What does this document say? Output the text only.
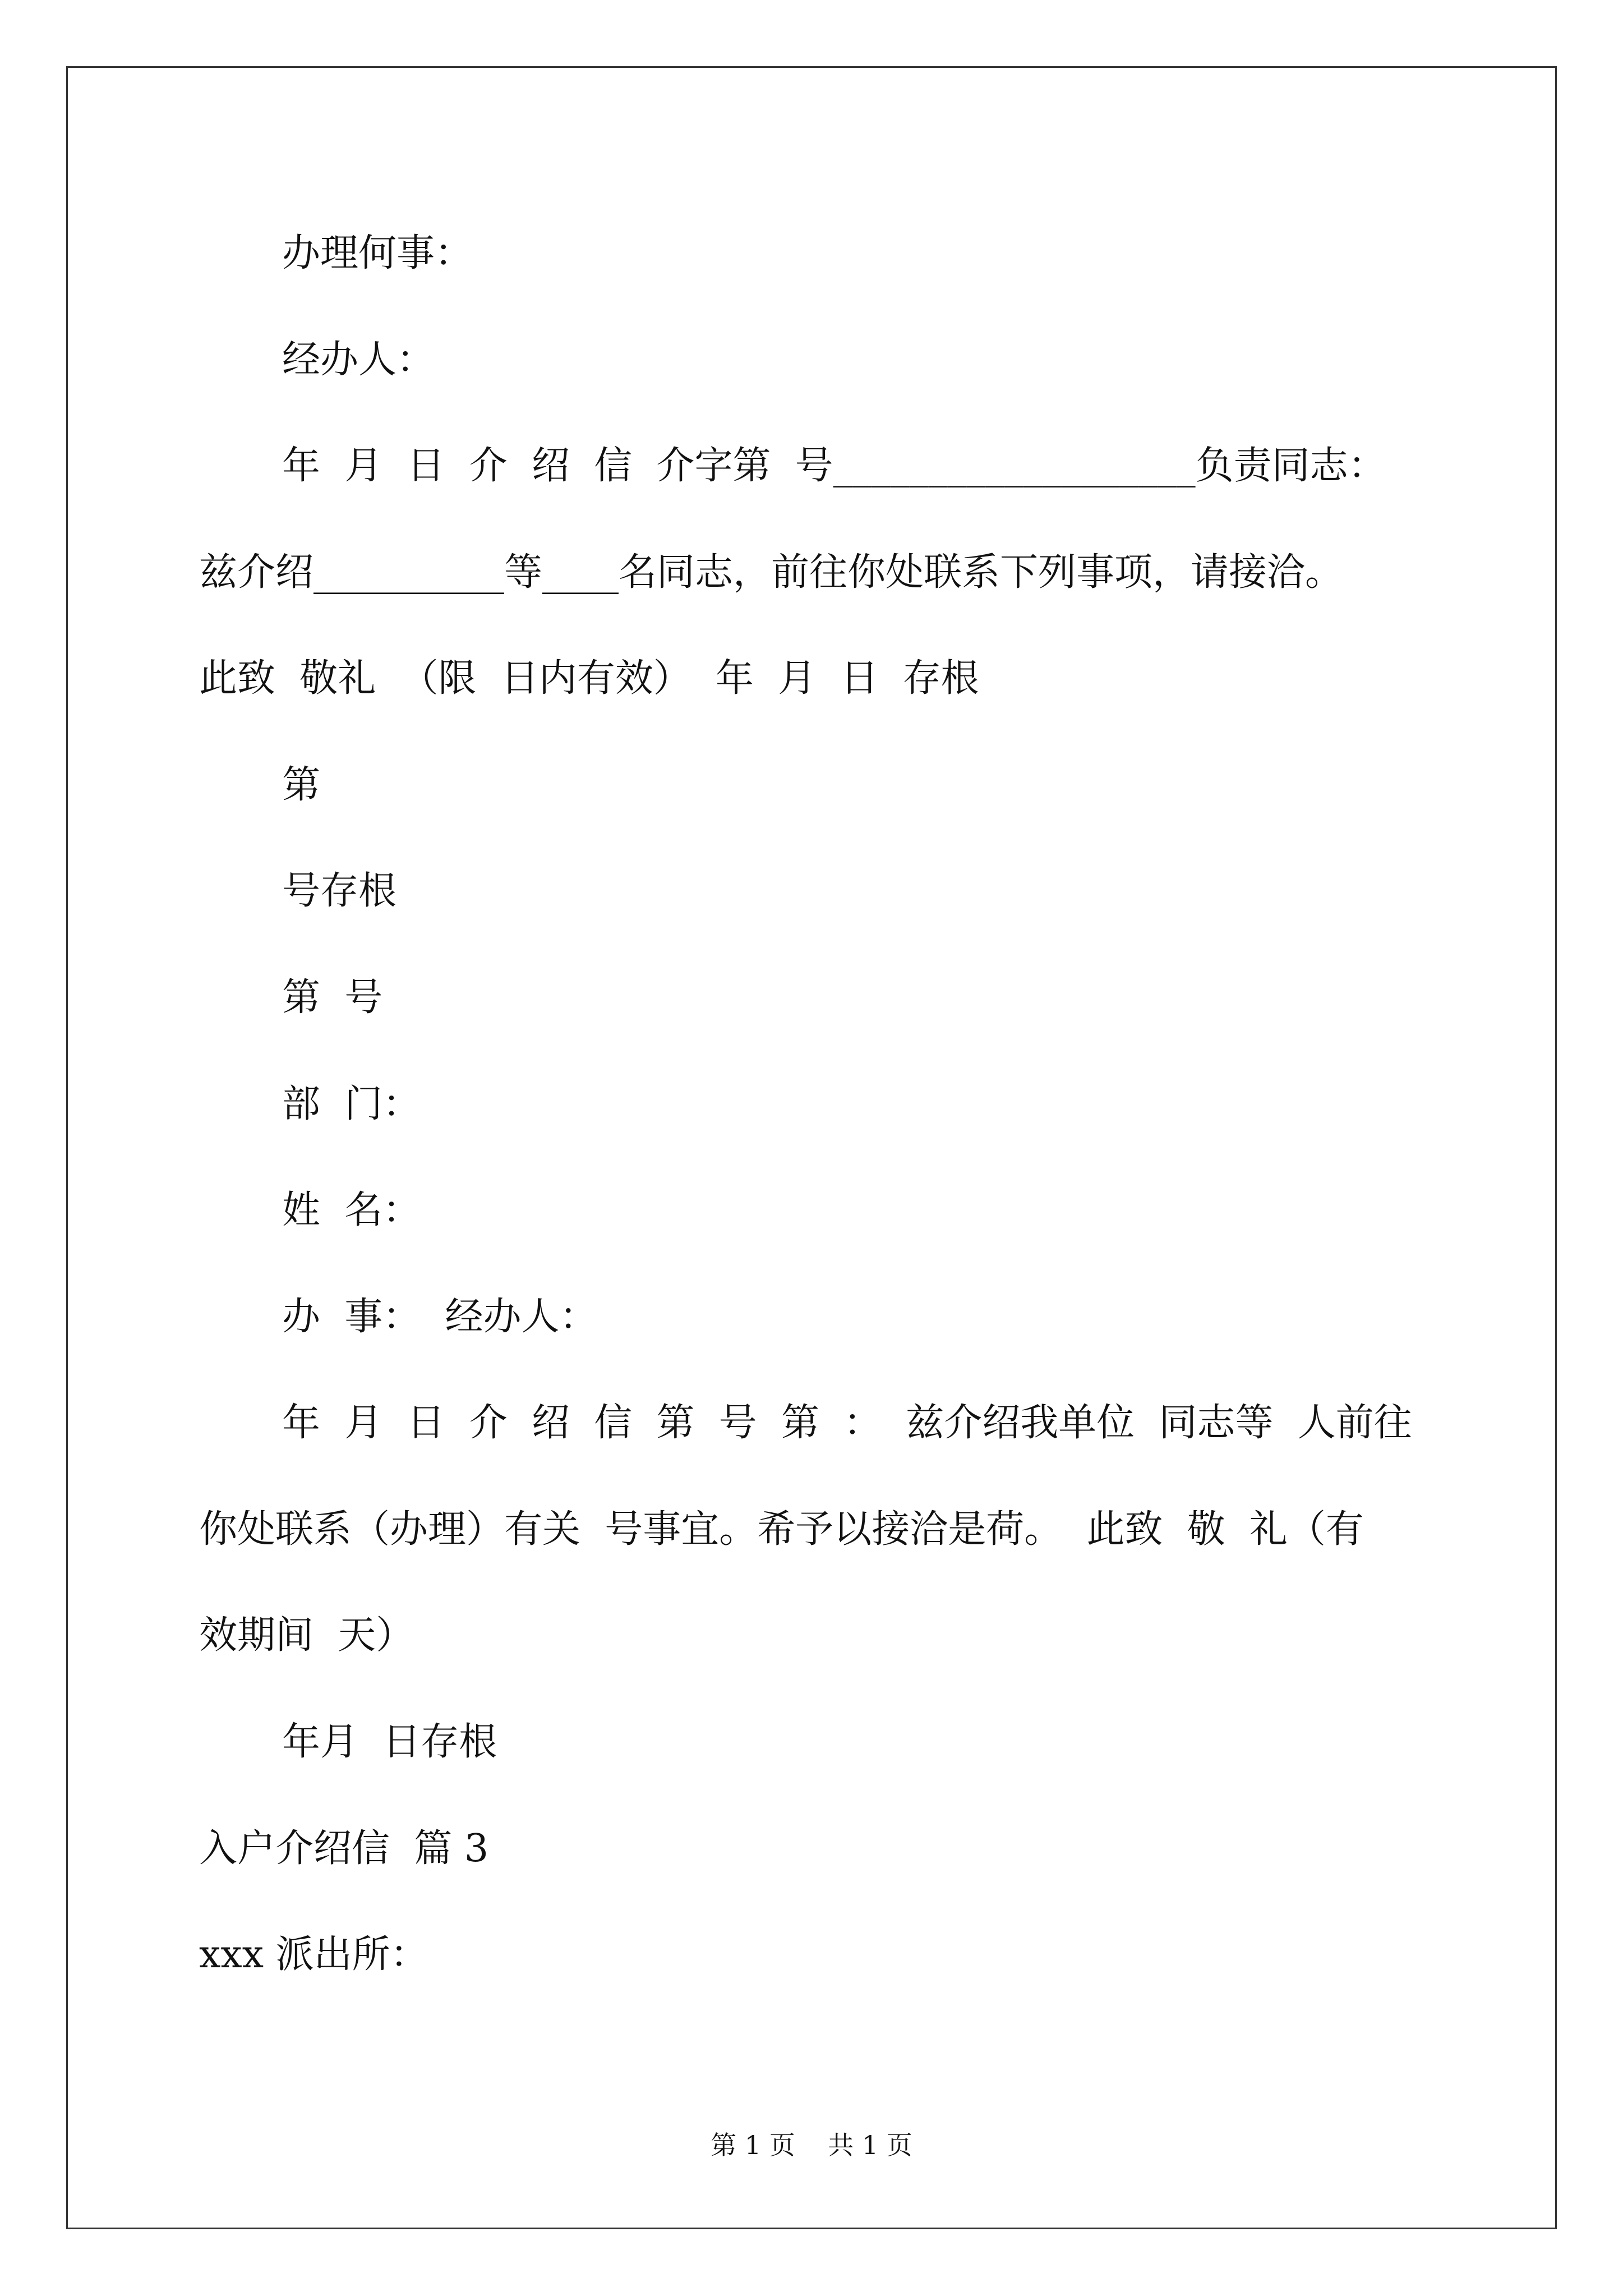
办理何事：
经办人：
年  月  日  介  绍  信  介字第  号___________________负责同志：
兹介绍__________等____名同志，前往你处联系下列事项，请接洽。
此致  敬礼  （限  日内有效）  年  月  日  存根
第
号存根
第  号
部  门：
姓  名：
办  事：  经办人：
年  月  日  介  绍  信  第  号  第  ：  兹介绍我单位  同志等  人前往
你处联系（办理）有关  号事宜。希予以接洽是荷。  此致  敬  礼（有
效期间  天）
年月  日存根
入户介绍信  篇 3
xxx 派出所：
第 1 页    共 1 页
